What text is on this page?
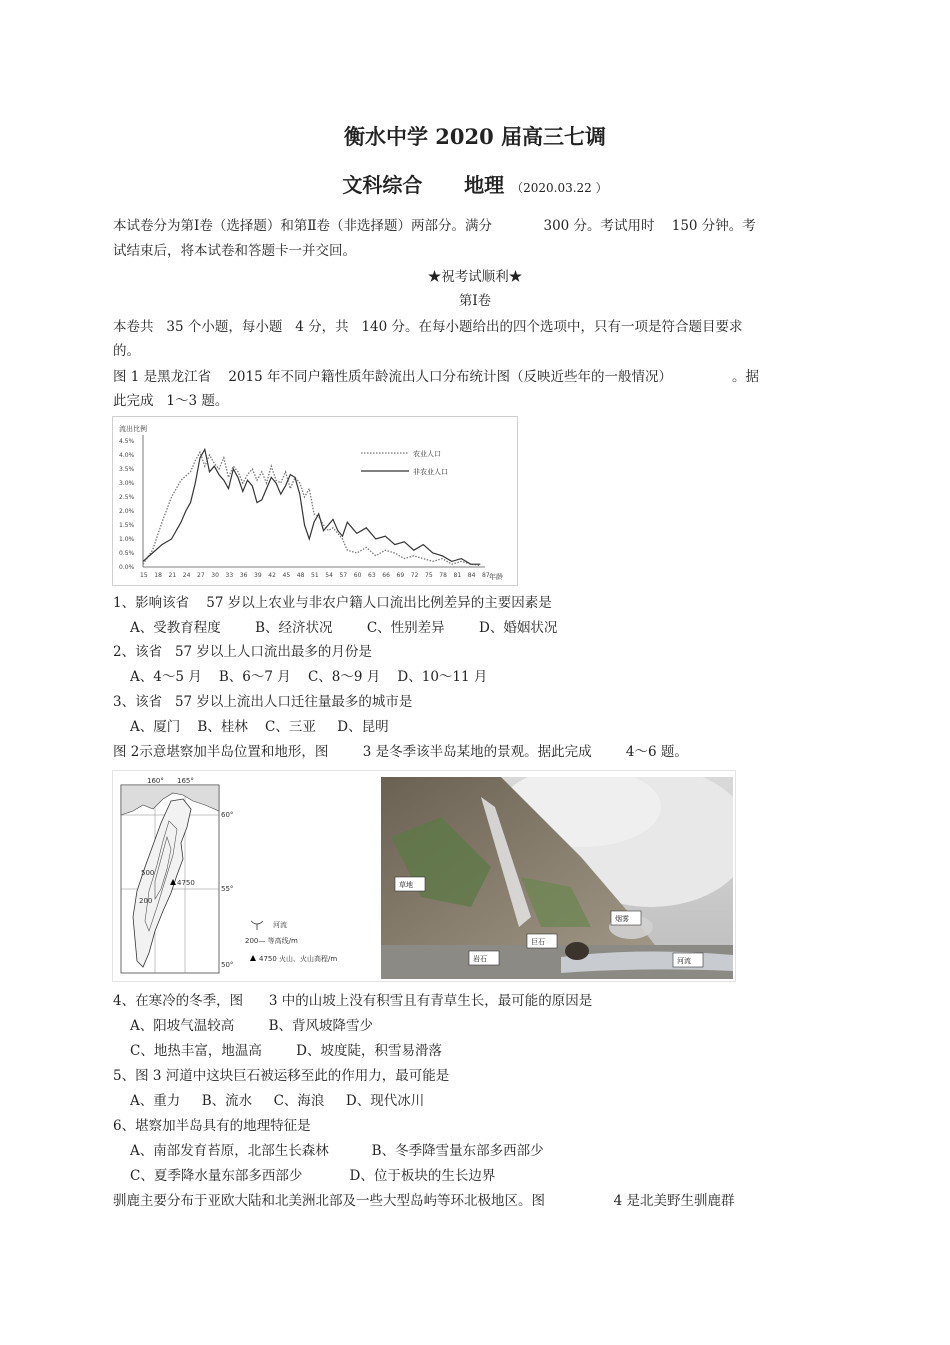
衡水中学 2020 届高三七调
文科综合      地理 （2020.03.22 ）
本试卷分为第Ⅰ卷（选择题）和第Ⅱ卷（非选择题）两部分。满分            300 分。考试用时    150 分钟。考
试结束后，将本试卷和答题卡一并交回。
★祝考试顺利★
第Ⅰ卷
本卷共   35 个小题，每小题   4 分，共   140 分。在每小题给出的四个选项中，只有一项是符合题目要求
的。
图 1 是黑龙江省    2015 年不同户籍性质年龄流出人口分布统计图（反映近些年的一般情况）              。据
此完成   1～3 题。
流出比例
0.0%
0.5%
1.0%
1.5%
2.0%
2.5%
3.0%
3.5%
4.0%
4.5%
15 18 21 24 27 30 33 36 39 42 45 48 51 54 57 60 63 66 69 72 75 78 81 84 87
农业人口
非农业人口
年龄
1、影响该省    57 岁以上农业与非农户籍人口流出比例差异的主要因素是
A、受教育程度        B、经济状况        C、性别差异        D、婚姻状况
2、该省   57 岁以上人口流出最多的月份是
A、4～5 月    B、6～7 月    C、8～9 月    D、10～11 月
3、该省   57 岁以上流出人口迁往量最多的城市是
A、厦门    B、桂林    C、三亚     D、昆明
图 2示意堪察加半岛位置和地形，图        3 是冬季该半岛某地的景观。据此完成        4～6 题。
160° 165°
60°
55°
50°
500
200
4750
河流
200— 等高线/m
4750 火山、火山高程/m
草地
岩石
烟雾
巨石
河流
4、在寒冷的冬季，图      3 中的山坡上没有积雪且有青草生长，最可能的原因是
A、阳坡气温较高        B、背风坡降雪少
C、地热丰富，地温高        D、坡度陡，积雪易滑落
5、图 3 河道中这块巨石被运移至此的作用力，最可能是
A、重力     B、流水     C、海浪     D、现代冰川
6、堪察加半岛具有的地理特征是
A、南部发育苔原，北部生长森林          B、冬季降雪量东部多西部少
C、夏季降水量东部多西部少           D、位于板块的生长边界
驯鹿主要分布于亚欧大陆和北美洲北部及一些大型岛屿等环北极地区。图                4 是北美野生驯鹿群
